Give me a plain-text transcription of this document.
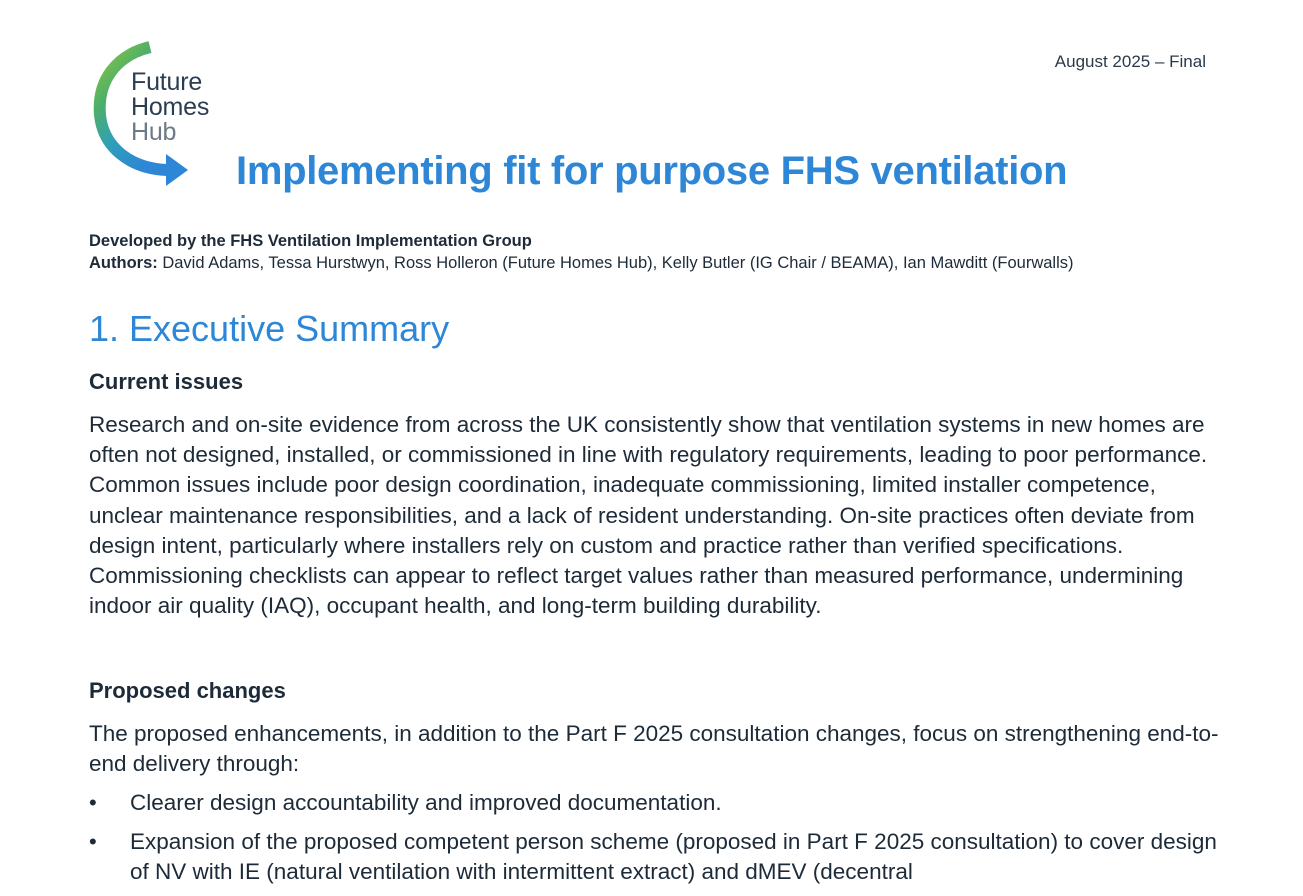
Future
Homes
Hub
August 2025 – Final
Implementing fit for purpose FHS ventilation
Developed by the FHS Ventilation Implementation Group
Authors: David Adams, Tessa Hurstwyn, Ross Holleron (Future Homes Hub), Kelly Butler (IG Chair / BEAMA), Ian Mawditt (Fourwalls)
1. Executive Summary
Current issues
Research and on-site evidence from across the UK consistently show that ventilation systems in new homes are often not designed, installed, or commissioned in line with regulatory requirements, leading to poor performance. Common issues include poor design coordination, inadequate commissioning, limited installer competence, unclear maintenance responsibilities, and a lack of resident understanding. On-site practices often deviate from design intent, particularly where installers rely on custom and practice rather than verified specifications. Commissioning checklists can appear to reflect target values rather than measured performance, undermining indoor air quality (IAQ), occupant health, and long-term building durability.
Proposed changes
The proposed enhancements, in addition to the Part F 2025 consultation changes, focus on strengthening end-to-end delivery through:
• Clearer design accountability and improved documentation.
• Expansion of the proposed competent person scheme (proposed in Part F 2025 consultation) to cover design of NV with IE (natural ventilation with intermittent extract) and dMEV (decentral
